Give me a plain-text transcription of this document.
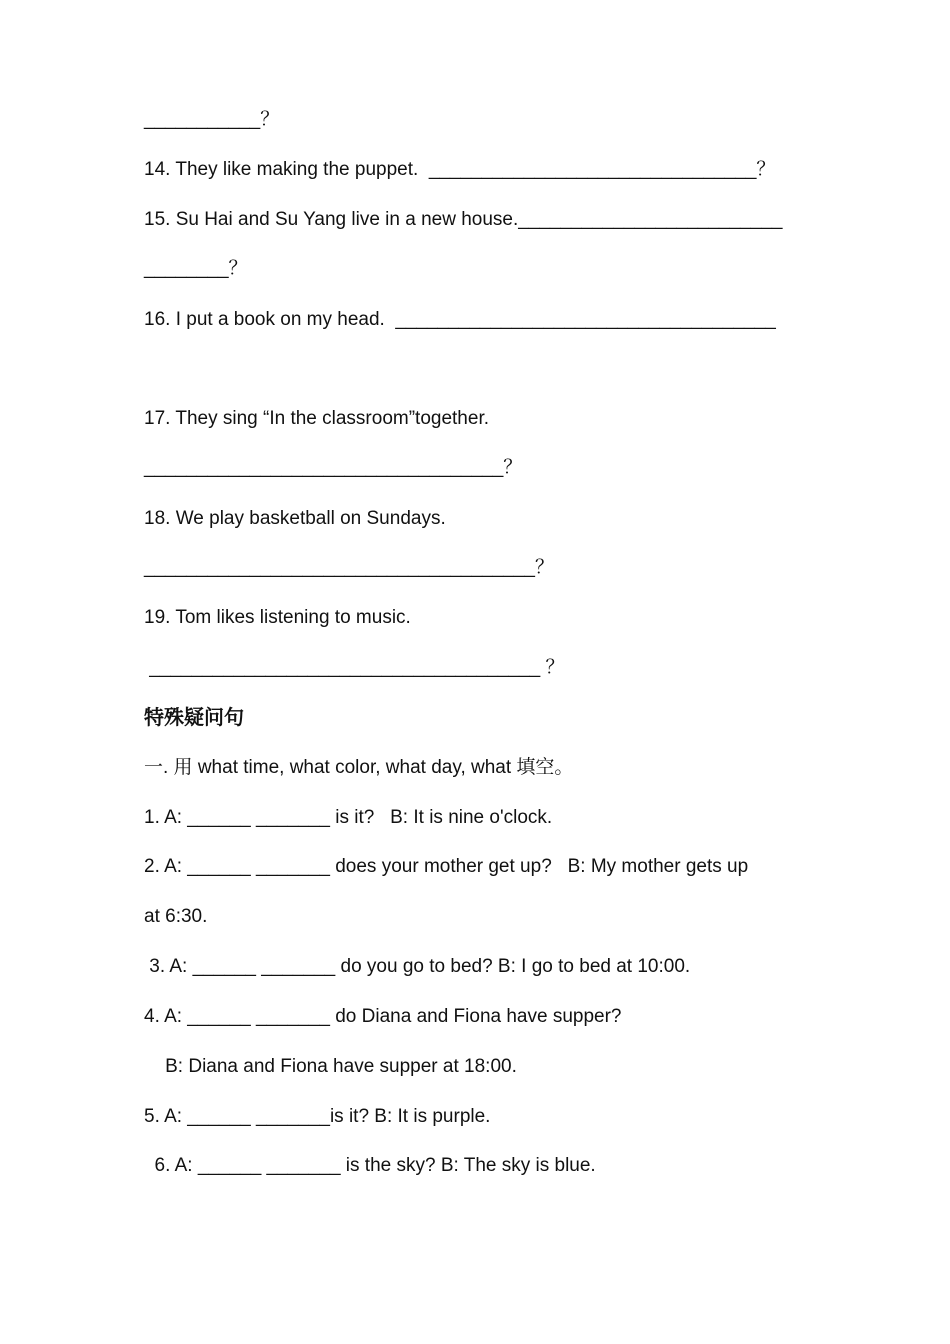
___________？
14. They like making the puppet.  _______________________________？
15. Su Hai and Su Yang live in a new house._________________________
________？
16. I put a book on my head.  ____________________________________
17. They sing “In the classroom”together.
__________________________________？
18. We play basketball on Sundays.
_____________________________________？
19. Tom likes listening to music.
_____________________________________ ？
特殊疑问句
一. 用 what time, what color, what day, what 填空。
1. A: ______ _______ is it?   B: It is nine o'clock.
2. A: ______ _______ does your mother get up?   B: My mother gets up
at 6:30.
3. A: ______ _______ do you go to bed? B: I go to bed at 10:00.
4. A: ______ _______ do Diana and Fiona have supper?
B: Diana and Fiona have supper at 18:00.
5. A: ______ _______is it? B: It is purple.
6. A: ______ _______ is the sky? B: The sky is blue.
